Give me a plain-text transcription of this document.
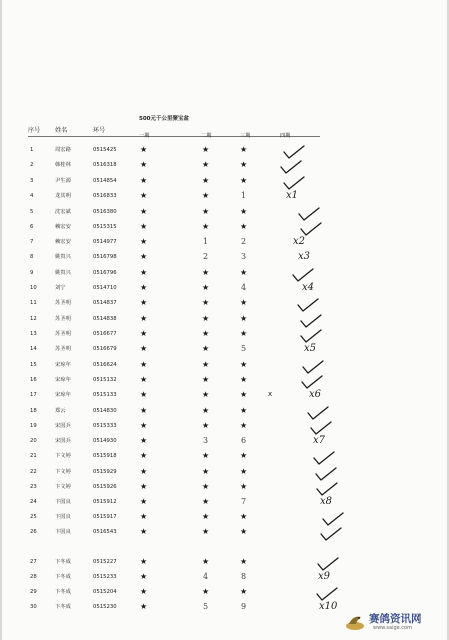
500元千公里聚宝盆
序号 姓名	环号
一期	二期	三期	四期
1	周宏路	0515425	★	★	★
2	韩桂林	0516318	★	★	★
3	尹生源	0514854	★	★	★
4	龙其明	0516833	★	★	1	x1
5	沈宏斌	0516380	★	★	★
6	赖宏安	0515315	★	★	★
7	赖宏安	0514977	★	1	2	x2
8	姚贵兴	0516798	★	2	3	x3
9	姚贵兴	0516796	★	★	★
10	刘宁	0514710	★	★	4	x4
11	苏圣明	0514837	★	★	★
12	苏圣明	0514838	★	★	★
13	苏圣明	0516677	★	★	★
14	苏圣明	0516679	★	★	5	x5
15	宋琼年	0516624	★	★	★
16	宋琼年	0515132	★	★	★
17	宋琼年	0515133	★	★	★	x6
18	郑云	0514830	★	★	★
19	宋国兵	0515333	★	★	★
20	宋国兵	0514930	★	3	6	x7
21	卞文婷	0515918	★	★	★
22	卞文婷	0515929	★	★	★
23	卞文婷	0515926	★	★	★
24	卞国良	0515912	★	★	7	x8
25	卞国良	0515917	★	★	★
26	卞国良	0516543	★	★	★
27	卞冬成	0515227	★	★	★
28	卞冬成	0515233	★	4	8	x9
29	卞冬成	0515204	★	★	★
30	卞冬成	0515230	★	5	9	x10
x
赛鸽资讯网
www.saige.com
